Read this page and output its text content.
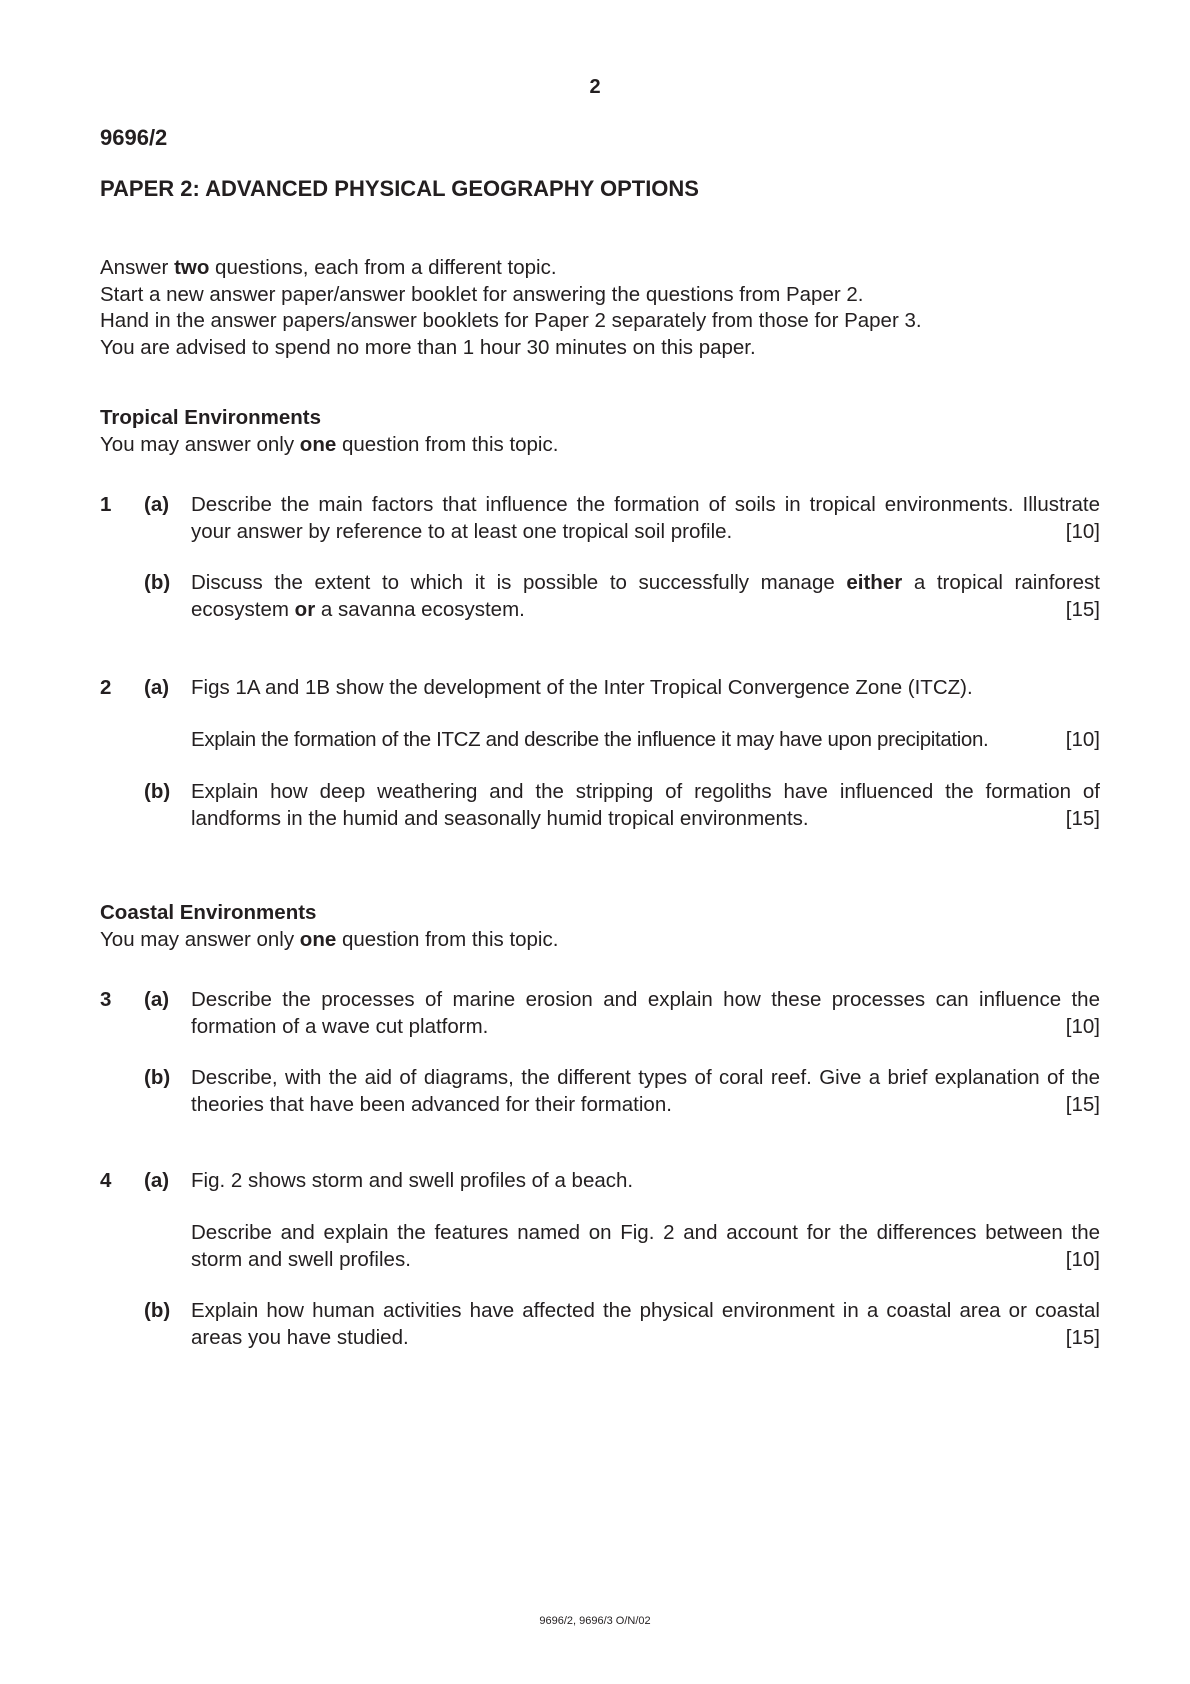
2
9696/2
PAPER 2: ADVANCED PHYSICAL GEOGRAPHY OPTIONS
Answer two questions, each from a different topic.
Start a new answer paper/answer booklet for answering the questions from Paper 2.
Hand in the answer papers/answer booklets for Paper 2 separately from those for Paper 3.
You are advised to spend no more than 1 hour 30 minutes on this paper.
Tropical Environments
You may answer only one question from this topic.
1 (a) Describe the main factors that influence the formation of soils in tropical environments. Illustrate your answer by reference to at least one tropical soil profile.	[10]
(b) Discuss the extent to which it is possible to successfully manage either a tropical rainforest ecosystem or a savanna ecosystem.	[15]
2 (a) Figs 1A and 1B show the development of the Inter Tropical Convergence Zone (ITCZ).
Explain the formation of the ITCZ and describe the influence it may have upon precipitation.	[10]
(b) Explain how deep weathering and the stripping of regoliths have influenced the formation of landforms in the humid and seasonally humid tropical environments.	[15]
Coastal Environments
You may answer only one question from this topic.
3 (a) Describe the processes of marine erosion and explain how these processes can influence the formation of a wave cut platform.	[10]
(b) Describe, with the aid of diagrams, the different types of coral reef. Give a brief explanation of the theories that have been advanced for their formation.	[15]
4 (a) Fig. 2 shows storm and swell profiles of a beach.
Describe and explain the features named on Fig. 2 and account for the differences between the storm and swell profiles.	[10]
(b) Explain how human activities have affected the physical environment in a coastal area or coastal areas you have studied.	[15]
9696/2, 9696/3 O/N/02
